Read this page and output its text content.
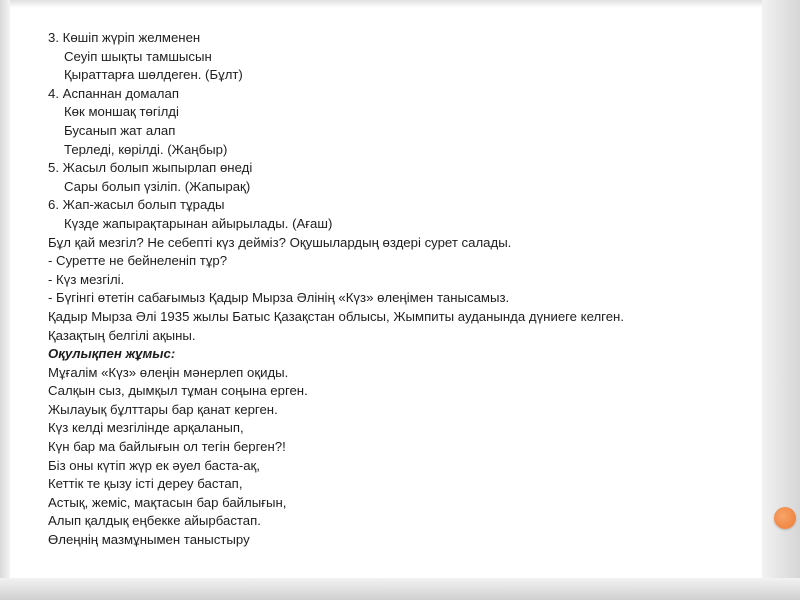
3. Көшіп жүріп желменен
Сеуіп шықты тамшысын
Қыраттарға шөлдеген. (Бұлт)
4. Аспаннан домалап
Көк моншақ төгілді
Бусанып жат алап
Терледі, көрілді. (Жаңбыр)
5. Жасыл болып жыпырлап өнеді
Сары болып үзіліп. (Жапырақ)
6. Жап-жасыл болып тұрады
Күзде жапырақтарынан айырылады. (Ағаш)
Бұл қай мезгіл? Не себепті күз дейміз? Оқушылардың өздері сурет салады.
- Суретте не бейнеленіп тұр?
- Күз мезгілі.
- Бүгінгі өтетін сабағымыз Қадыр Мырза Әлінің «Күз» өлеңімен танысамыз.
Қадыр Мырза Әлі 1935 жылы Батыс Қазақстан облысы, Жымпиты ауданында дүниеге келген.
Қазақтың белгілі ақыны.
Оқулықпен жұмыс:
Мұғалім «Күз» өлеңін мәнерлеп оқиды.
Салқын сыз, дымқыл тұман соңына ерген.
Жылауық бұлттары бар қанат керген.
Күз келді мезгілінде арқаланып,
Күн бар ма байлығын ол тегін берген?!
Біз оны күтіп жүр ек әуел баста-ақ,
Кеттік те қызу істі дереу бастап,
Астық, жеміс, мақтасын бар байлығын,
Алып қалдық еңбекке айырбастап.
Өлеңнің мазмұнымен таныстыру
